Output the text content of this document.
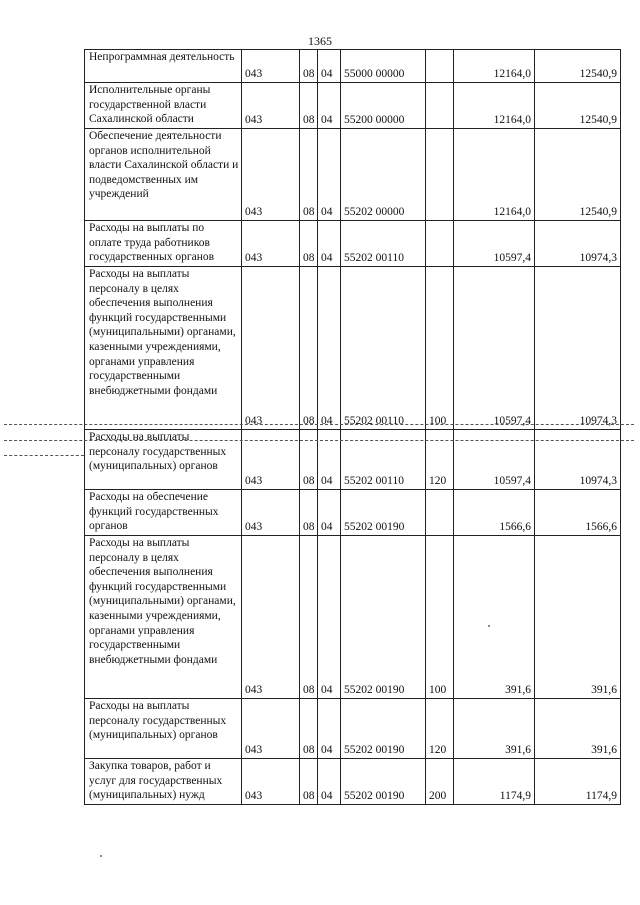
1365
Непрограммная деятельность	043	08	04	55000 00000		12164,0	12540,9
Исполнительные органы государственной власти Сахалинской области	043	08	04	55200 00000		12164,0	12540,9
Обеспечение деятельности органов исполнительной власти Сахалинской области и подведомственных им учреждений	043	08	04	55202 00000		12164,0	12540,9
Расходы на выплаты по оплате труда работников государственных органов	043	08	04	55202 00110		10597,4	10974,3
Расходы на выплаты персоналу в целях обеспечения выполнения функций государственными (муниципальными) органами, казенными учреждениями, органами управления государственными внебюджетными фондами	043	08	04	55202 00110	100	10597,4	10974,3
Расходы на выплаты персоналу государственных (муниципальных) органов	043	08	04	55202 00110	120	10597,4	10974,3
Расходы на обеспечение функций государственных органов	043	08	04	55202 00190		1566,6	1566,6
Расходы на выплаты персоналу в целях обеспечения выполнения функций государственными (муниципальными) органами, казенными учреждениями, органами управления государственными внебюджетными фондами	043	08	04	55202 00190	100	391,6	391,6
Расходы на выплаты персоналу государственных (муниципальных) органов	043	08	04	55202 00190	120	391,6	391,6
Закупка товаров, работ и услуг для государственных (муниципальных) нужд	043	08	04	55202 00190	200	1174,9	1174,9
